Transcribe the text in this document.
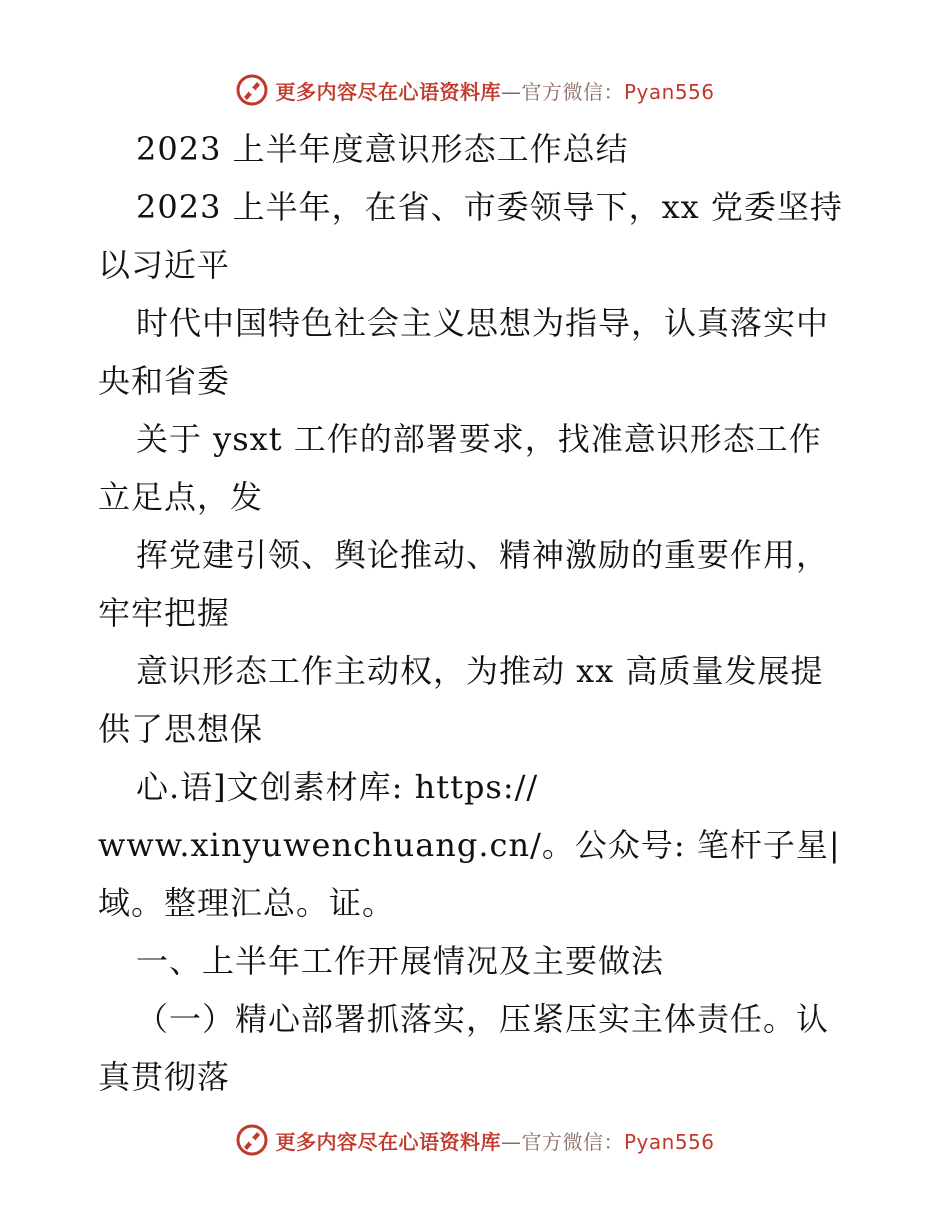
更多内容尽在心语资料库—官方微信：Pyan556
2023 上半年度意识形态工作总结
2023 上半年，在省、市委领导下，xx 党委坚持
以习近平
时代中国特色社会主义思想为指导，认真落实中
央和省委
关于 ysxt 工作的部署要求，找准意识形态工作
立足点，发
挥党建引领、舆论推动、精神激励的重要作用，
牢牢把握
意识形态工作主动权，为推动 xx 高质量发展提
供了思想保
心.语]文创素材库: https://
www.xinyuwenchuang.cn/。公众号: 笔杆子星|
域。整理汇总。证。
一、上半年工作开展情况及主要做法
（一）精心部署抓落实，压紧压实主体责任。认
真贯彻落
更多内容尽在心语资料库—官方微信：Pyan556
